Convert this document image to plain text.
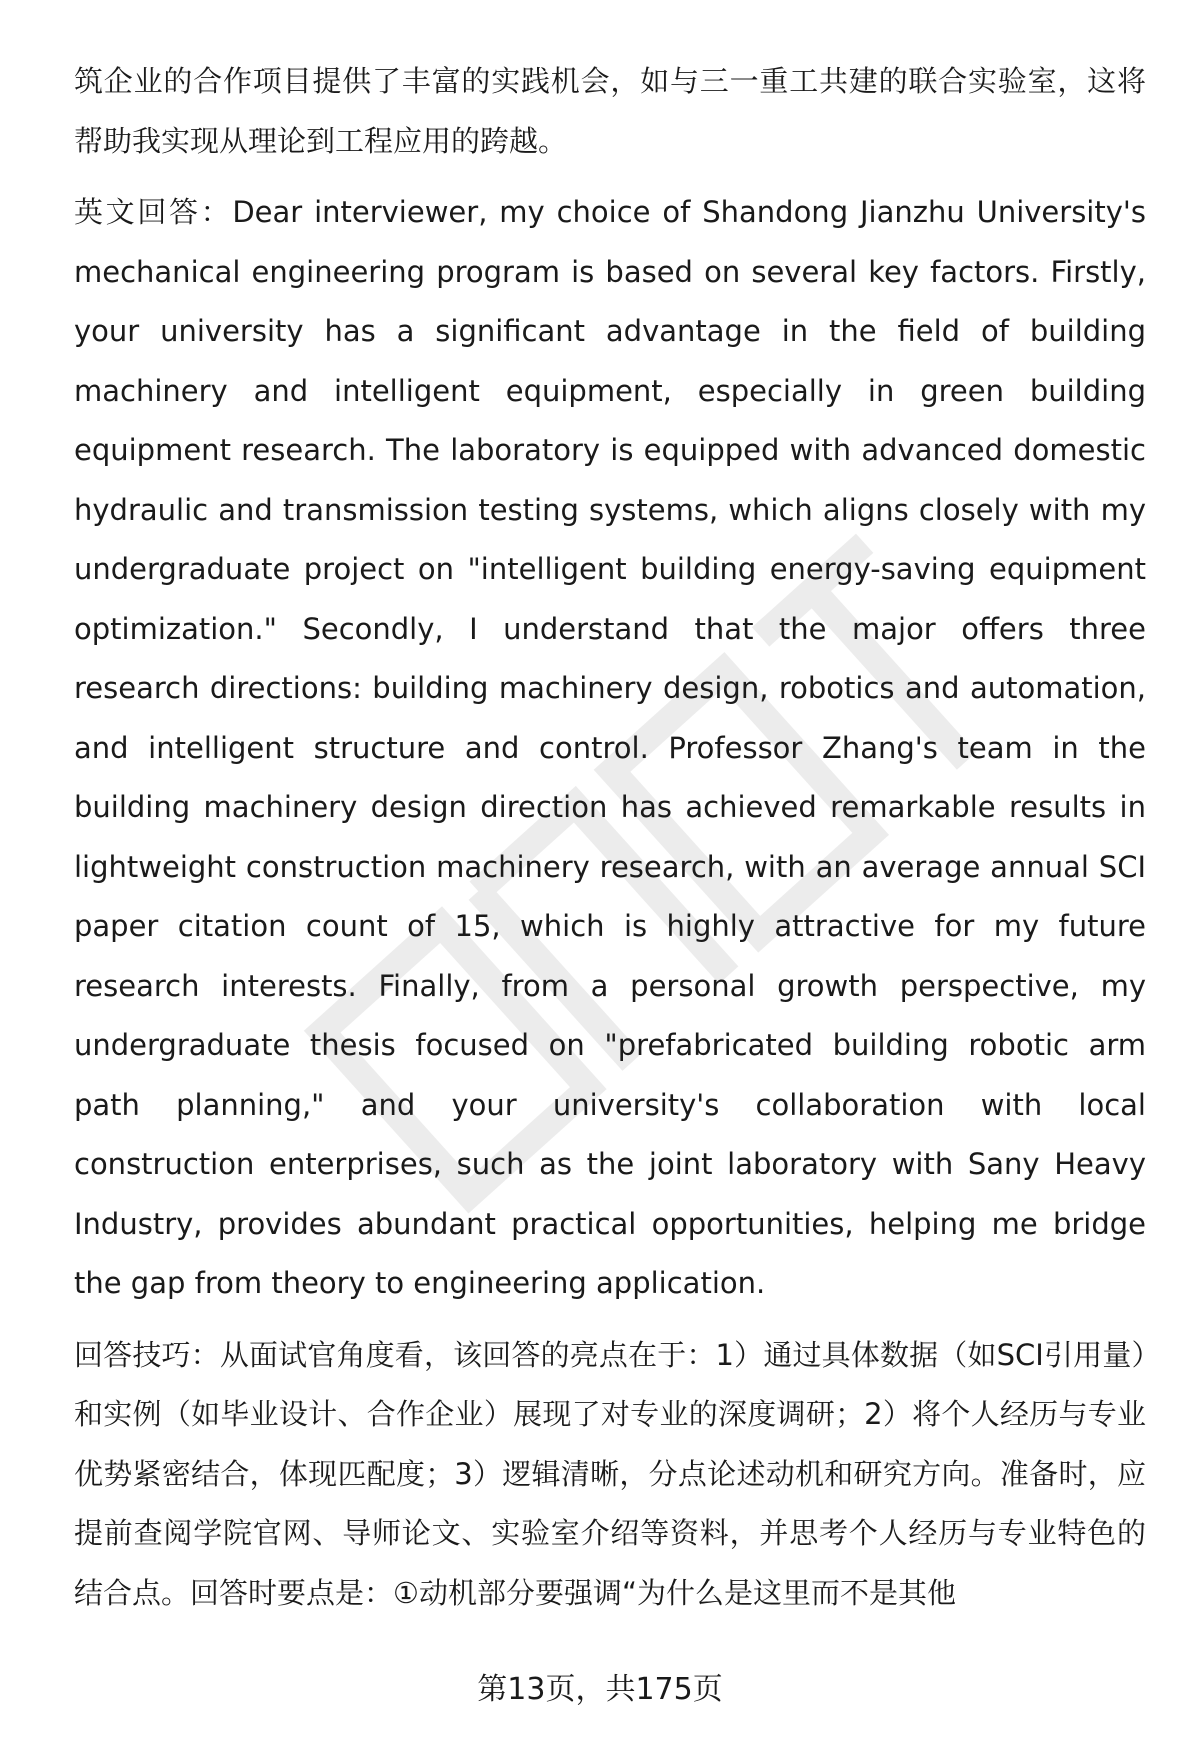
筑企业的合作项目提供了丰富的实践机会，如与三一重工共建的联合实验室，这将帮助我实现从理论到工程应用的跨越。

英文回答：Dear interviewer, my choice of Shandong Jianzhu University's mechanical engineering program is based on several key factors. Firstly, your university has a significant advantage in the field of building machinery and intelligent equipment, especially in green building equipment research. The laboratory is equipped with advanced domestic hydraulic and transmission testing systems, which aligns closely with my undergraduate project on "intelligent building energy-saving equipment optimization." Secondly, I understand that the major offers three research directions: building machinery design, robotics and automation, and intelligent structure and control. Professor Zhang's team in the building machinery design direction has achieved remarkable results in lightweight construction machinery research, with an average annual SCI paper citation count of 15, which is highly attractive for my future research interests. Finally, from a personal growth perspective, my undergraduate thesis focused on "prefabricated building robotic arm path planning," and your university's collaboration with local construction enterprises, such as the joint laboratory with Sany Heavy Industry, provides abundant practical opportunities, helping me bridge the gap from theory to engineering application.

回答技巧：从面试官角度看，该回答的亮点在于：1）通过具体数据（如SCI引用量）和实例（如毕业设计、合作企业）展现了对专业的深度调研；2）将个人经历与专业优势紧密结合，体现匹配度；3）逻辑清晰，分点论述动机和研究方向。准备时，应提前查阅学院官网、导师论文、实验室介绍等资料，并思考个人经历与专业特色的结合点。回答时要点是：①动机部分要强调“为什么是这里而不是其他

第13页，共175页
